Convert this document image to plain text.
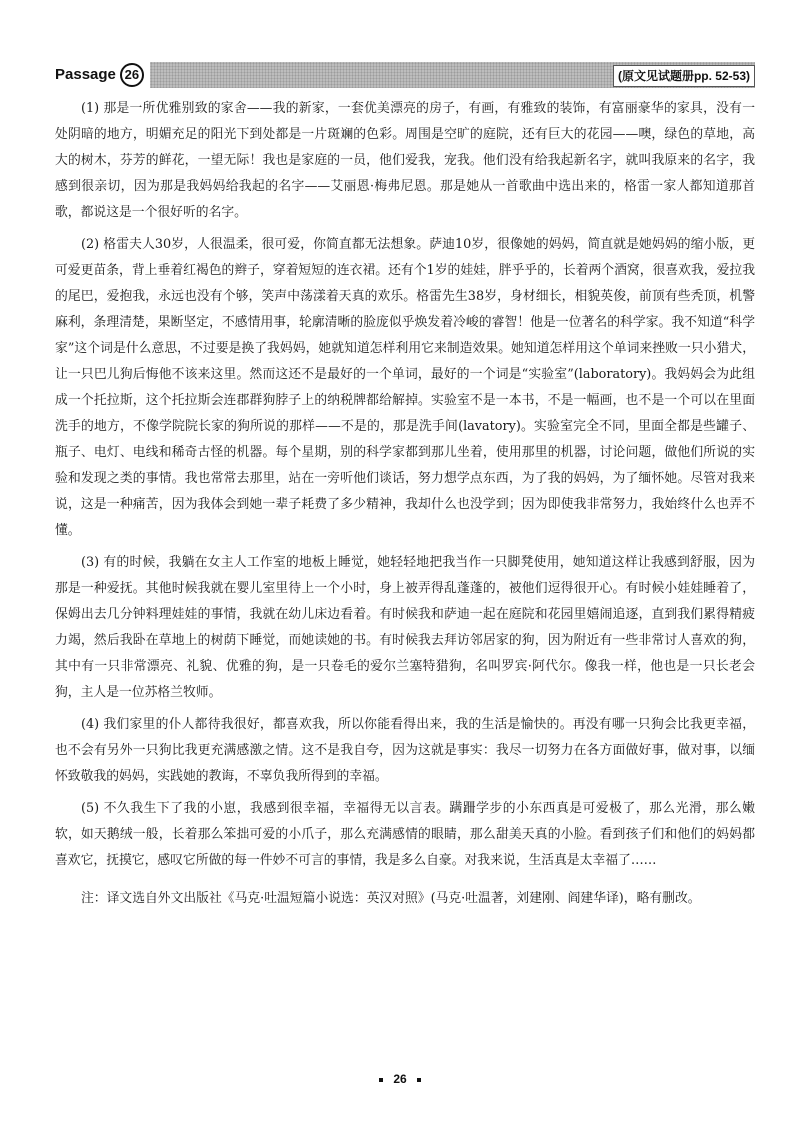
Passage 26	(原文见试题册pp. 52-53)

(1) 那是一所优雅别致的家舍——我的新家，一套优美漂亮的房子，有画，有雅致的装饰，有富丽豪华的家具，没有一处阴暗的地方，明媚充足的阳光下到处都是一片斑斓的色彩。周围是空旷的庭院，还有巨大的花园——噢，绿色的草地，高大的树木，芬芳的鲜花，一望无际！我也是家庭的一员，他们爱我，宠我。他们没有给我起新名字，就叫我原来的名字，我感到很亲切，因为那是我妈妈给我起的名字——艾丽恩·梅弗尼恩。那是她从一首歌曲中选出来的，格雷一家人都知道那首歌，都说这是一个很好听的名字。

(2) 格雷夫人30岁，人很温柔，很可爱，你简直都无法想象。萨迪10岁，很像她的妈妈，简直就是她妈妈的缩小版，更可爱更苗条，背上垂着红褐色的辫子，穿着短短的连衣裙。还有个1岁的娃娃，胖乎乎的，长着两个酒窝，很喜欢我，爱拉我的尾巴，爱抱我，永远也没有个够，笑声中荡漾着天真的欢乐。格雷先生38岁，身材细长，相貌英俊，前顶有些秃顶，机警麻利，条理清楚，果断坚定，不感情用事，轮廓清晰的脸庞似乎焕发着冷峻的睿智！他是一位著名的科学家。我不知道“科学家”这个词是什么意思，不过要是换了我妈妈，她就知道怎样利用它来制造效果。她知道怎样用这个单词来挫败一只小猎犬，让一只巴儿狗后悔他不该来这里。然而这还不是最好的一个单词，最好的一个词是“实验室”(laboratory)。我妈妈会为此组成一个托拉斯，这个托拉斯会连郡群狗脖子上的纳税牌都给解掉。实验室不是一本书，不是一幅画，也不是一个可以在里面洗手的地方，不像学院院长家的狗所说的那样——不是的，那是洗手间(lavatory)。实验室完全不同，里面全都是些罐子、瓶子、电灯、电线和稀奇古怪的机器。每个星期，别的科学家都到那儿坐着，使用那里的机器，讨论问题，做他们所说的实验和发现之类的事情。我也常常去那里，站在一旁听他们谈话，努力想学点东西，为了我的妈妈，为了缅怀她。尽管对我来说，这是一种痛苦，因为我体会到她一辈子耗费了多少精神，我却什么也没学到；因为即使我非常努力，我始终什么也弄不懂。

(3) 有的时候，我躺在女主人工作室的地板上睡觉，她轻轻地把我当作一只脚凳使用，她知道这样让我感到舒服，因为那是一种爱抚。其他时候我就在婴儿室里待上一个小时，身上被弄得乱蓬蓬的，被他们逗得很开心。有时候小娃娃睡着了，保姆出去几分钟料理娃娃的事情，我就在幼儿床边看着。有时候我和萨迪一起在庭院和花园里嬉闹追逐，直到我们累得精疲力竭，然后我卧在草地上的树荫下睡觉，而她读她的书。有时候我去拜访邻居家的狗，因为附近有一些非常讨人喜欢的狗，其中有一只非常漂亮、礼貌、优雅的狗，是一只卷毛的爱尔兰塞特猎狗，名叫罗宾·阿代尔。像我一样，他也是一只长老会狗，主人是一位苏格兰牧师。

(4) 我们家里的仆人都待我很好，都喜欢我，所以你能看得出来，我的生活是愉快的。再没有哪一只狗会比我更幸福，也不会有另外一只狗比我更充满感激之情。这不是我自夸，因为这就是事实：我尽一切努力在各方面做好事，做对事，以缅怀致敬我的妈妈，实践她的教诲，不辜负我所得到的幸福。

(5) 不久我生下了我的小崽，我感到很幸福，幸福得无以言表。蹒跚学步的小东西真是可爱极了，那么光滑，那么嫩软，如天鹅绒一般，长着那么笨拙可爱的小爪子，那么充满感情的眼睛，那么甜美天真的小脸。看到孩子们和他们的妈妈都喜欢它，抚摸它，感叹它所做的每一件妙不可言的事情，我是多么自豪。对我来说，生活真是太幸福了……

注：译文选自外文出版社《马克·吐温短篇小说选：英汉对照》(马克·吐温著，刘建刚、阎建华译)，略有删改。

26
